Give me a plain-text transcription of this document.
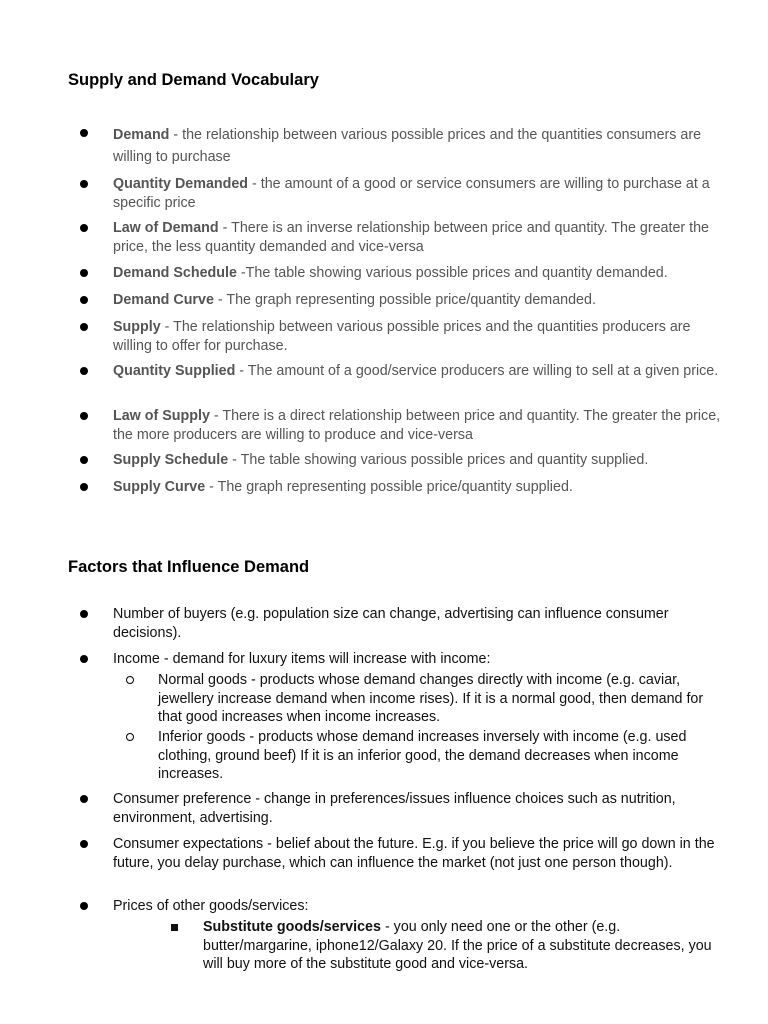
Supply and Demand Vocabulary
Demand - the relationship between various possible prices and the quantities consumers are willing to purchase
Quantity Demanded - the amount of a good or service consumers are willing to purchase at a specific price
Law of Demand - There is an inverse relationship between price and quantity. The greater the price, the less quantity demanded and vice-versa
Demand Schedule -The table showing various possible prices and quantity demanded.
Demand Curve - The graph representing possible price/quantity demanded.
Supply - The relationship between various possible prices and the quantities producers are willing to offer for purchase.
Quantity Supplied - The amount of a good/service producers are willing to sell at a given price.
Law of Supply - There is a direct relationship between price and quantity. The greater the price, the more producers are willing to produce and vice-versa
Supply Schedule - The table showing various possible prices and quantity supplied.
Supply Curve - The graph representing possible price/quantity supplied.
Factors that Influence Demand
Number of buyers (e.g. population size can change, advertising can influence consumer decisions).
Income - demand for luxury items will increase with income:
Normal goods - products whose demand changes directly with income (e.g. caviar, jewellery increase demand when income rises). If it is a normal good, then demand for that good increases when income increases.
Inferior goods - products whose demand increases inversely with income (e.g. used clothing, ground beef) If it is an inferior good, the demand decreases when income increases.
Consumer preference - change in preferences/issues influence choices such as nutrition, environment, advertising.
Consumer expectations - belief about the future. E.g. if you believe the price will go down in the future, you delay purchase, which can influence the market (not just one person though).
Prices of other goods/services:
Substitute goods/services - you only need one or the other (e.g. butter/margarine, iphone12/Galaxy 20. If the price of a substitute decreases, you will buy more of the substitute good and vice-versa.
